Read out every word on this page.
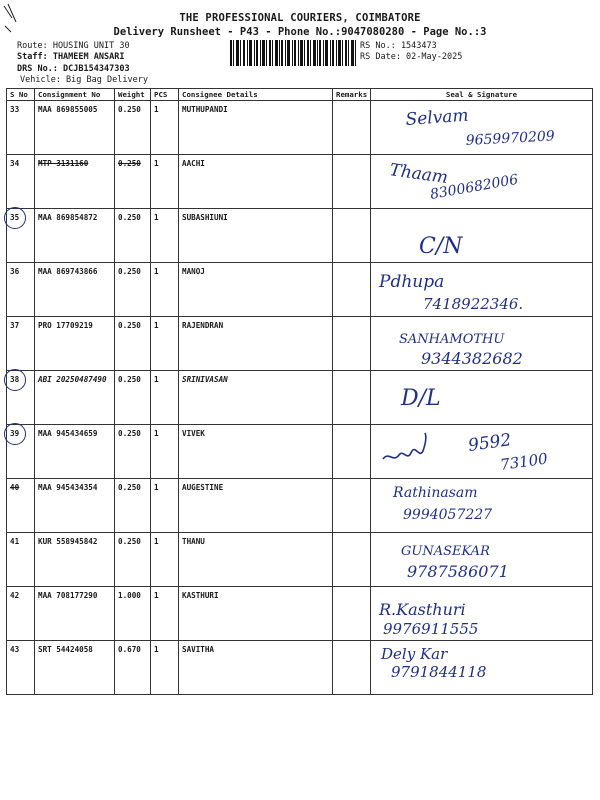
THE PROFESSIONAL COURIERS, COIMBATORE
Delivery Runsheet - P43 - Phone No.:9047080280 - Page No.:3
Route: HOUSING UNIT 30
Staff: THAMEEM ANSARI
DRS No.: DCJB154347303
Vehicle: Big Bag Delivery
RS No.: 1543473
RS Date: 02-May-2025
S No	Consignment No	Weight	PCS	Consignee Details	Remarks	Seal & Signature
33	MAA 869855005	0.250	1	MUTHUPANDI		Selvam
9659970209

34	MTP 3131160	0.250	1	AACHI		Thaam
8300682006

35	MAA 869854872	0.250	1	SUBASHIUNI		C/N

36	MAA 869743866	0.250	1	MANOJ		Pdhupa
7418922346.

37	PRO 17709219	0.250	1	RAJENDRAN		SANHAMOTHU
9344382682

38	ABI 20250487490	0.250	1	SRINIVASAN		D/L

39	MAA 945434659	0.250	1	VIVEK		9592
73100

40	MAA 945434354	0.250	1	AUGESTINE		Rathinasam
9994057227

41	KUR 558945842	0.250	1	THANU		GUNASEKAR
9787586071

42	MAA 708177290	1.000	1	KASTHURI		R.Kasthuri
9976911555

43	SRT 54424058	0.670	1	SAVITHA		Dely Kar
9791844118
